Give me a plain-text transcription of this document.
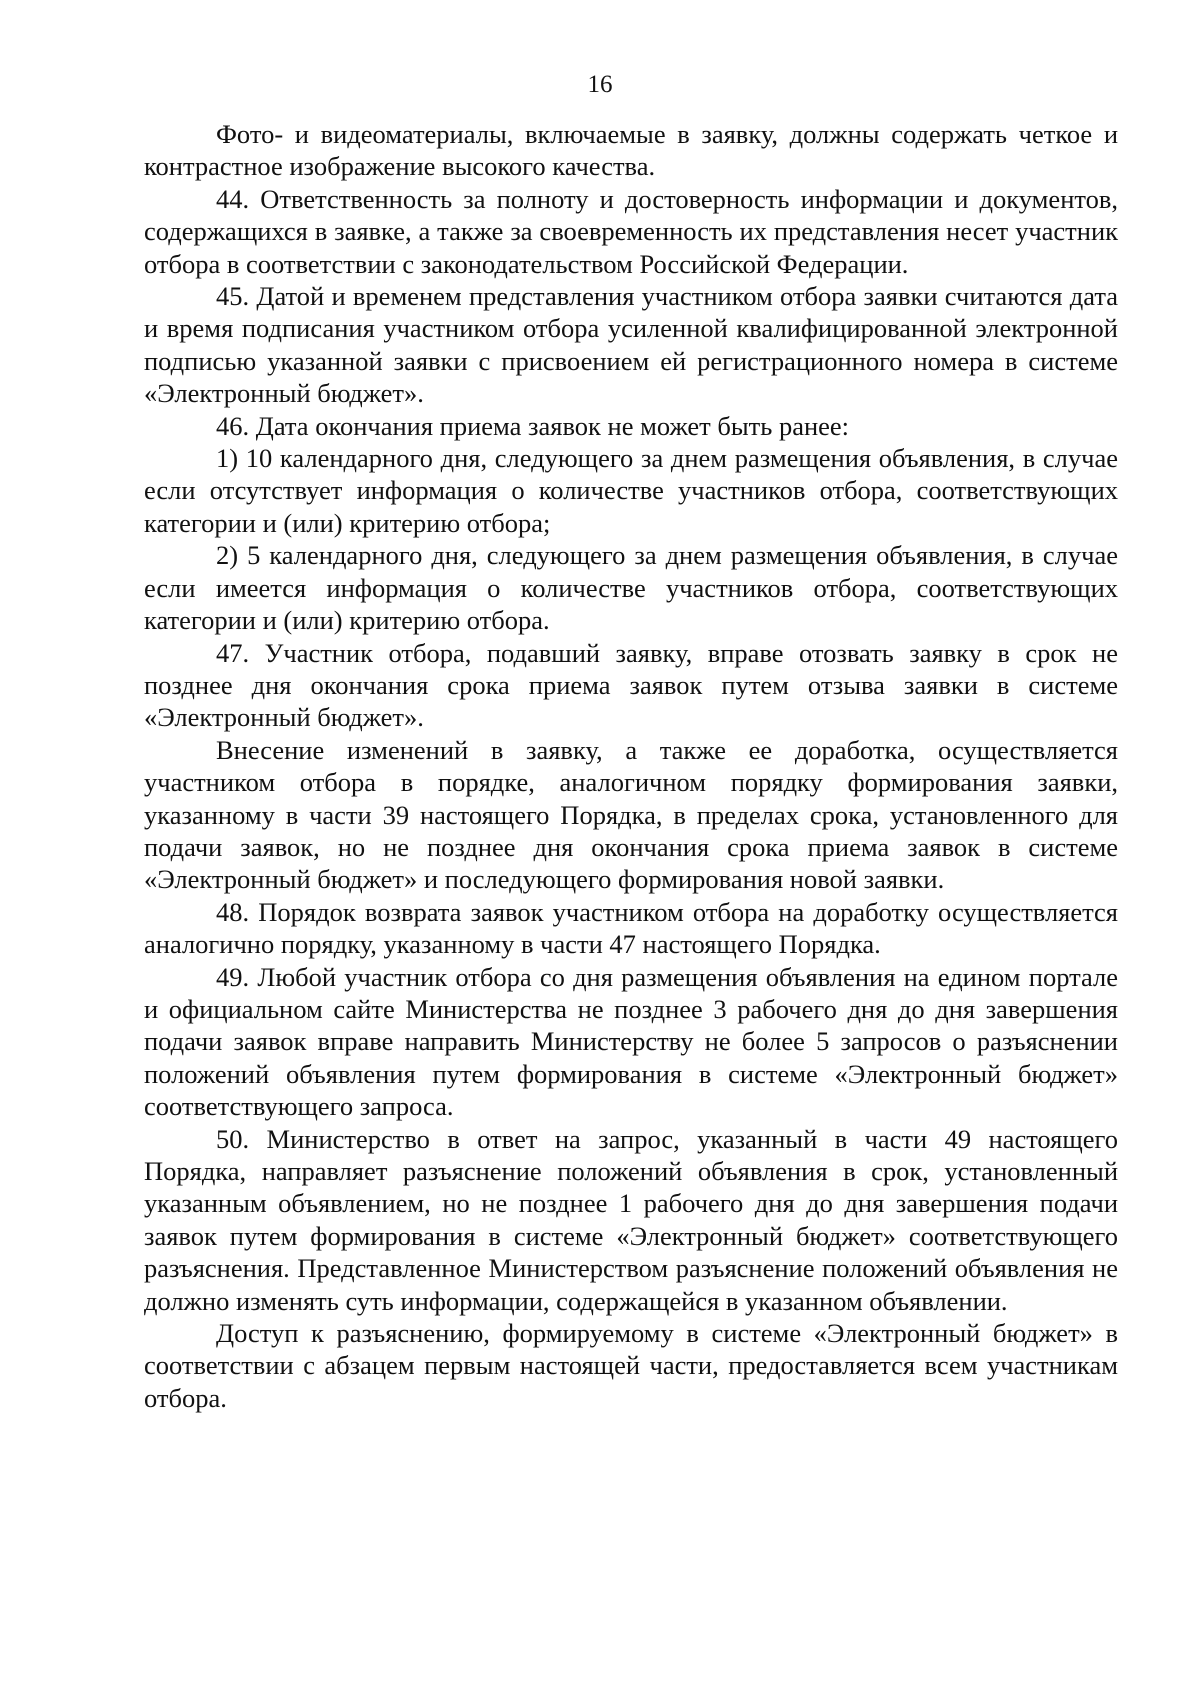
16

Фото- и видеоматериалы, включаемые в заявку, должны содержать четкое и контрастное изображение высокого качества.

44. Ответственность за полноту и достоверность информации и документов, содержащихся в заявке, а также за своевременность их представления несет участник отбора в соответствии с законодательством Российской Федерации.

45. Датой и временем представления участником отбора заявки считаются дата и время подписания участником отбора усиленной квалифицированной электронной подписью указанной заявки с присвоением ей регистрационного номера в системе «Электронный бюджет».

46. Дата окончания приема заявок не может быть ранее:

1) 10 календарного дня, следующего за днем размещения объявления, в случае если отсутствует информация о количестве участников отбора, соответствующих категории и (или) критерию отбора;

2) 5 календарного дня, следующего за днем размещения объявления, в случае если имеется информация о количестве участников отбора, соответствующих категории и (или) критерию отбора.

47. Участник отбора, подавший заявку, вправе отозвать заявку в срок не позднее дня окончания срока приема заявок путем отзыва заявки в системе «Электронный бюджет».

Внесение изменений в заявку, а также ее доработка, осуществляется участником отбора в порядке, аналогичном порядку формирования заявки, указанному в части 39 настоящего Порядка, в пределах срока, установленного для подачи заявок, но не позднее дня окончания срока приема заявок в системе «Электронный бюджет» и последующего формирования новой заявки.

48. Порядок возврата заявок участником отбора на доработку осуществляется аналогично порядку, указанному в части 47 настоящего Порядка.

49. Любой участник отбора со дня размещения объявления на едином портале и официальном сайте Министерства не позднее 3 рабочего дня до дня завершения подачи заявок вправе направить Министерству не более 5 запросов о разъяснении положений объявления путем формирования в системе «Электронный бюджет» соответствующего запроса.

50. Министерство в ответ на запрос, указанный в части 49 настоящего Порядка, направляет разъяснение положений объявления в срок, установленный указанным объявлением, но не позднее 1 рабочего дня до дня завершения подачи заявок путем формирования в системе «Электронный бюджет» соответствующего разъяснения. Представленное Министерством разъяснение положений объявления не должно изменять суть информации, содержащейся в указанном объявлении.

Доступ к разъяснению, формируемому в системе «Электронный бюджет» в соответствии с абзацем первым настоящей части, предоставляется всем участникам отбора.
